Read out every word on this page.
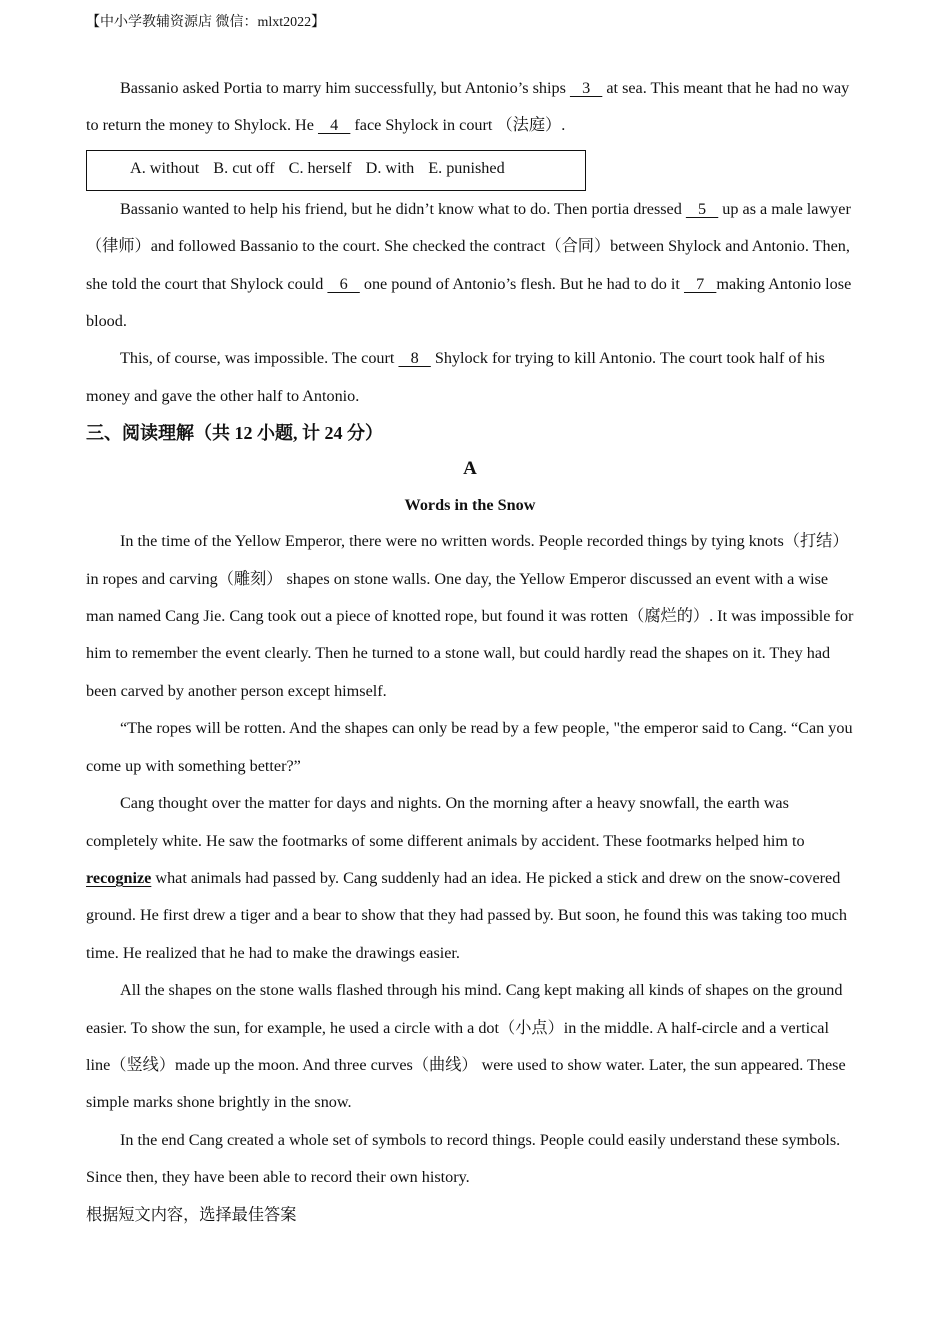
【中小学教辅资源店 微信：mlxt2022】

Bassanio asked Portia to marry him successfully, but Antonio’s ships    3    at sea. This meant that he had no way to return the money to Shylock. He    4    face Shylock in court （法庭）.

A. without B. cut off C. herself D. with E. punished

Bassanio wanted to help his friend, but he didn’t know what to do. Then portia dressed    5    up as a male lawyer （律师）and followed Bassanio to the court. She checked the contract（合同）between Shylock and Antonio. Then, she told the court that Shylock could    6    one pound of Antonio’s flesh. But he had to do it    7   making Antonio lose blood.

This, of course, was impossible. The court    8    Shylock for trying to kill Antonio. The court took half of his money and gave the other half to Antonio.

三、阅读理解（共 12 小题, 计 24 分）

A

Words in the Snow

In the time of the Yellow Emperor, there were no written words. People recorded things by tying knots（打结）in ropes and carving（雕刻） shapes on stone walls. One day, the Yellow Emperor discussed an event with a wise man named Cang Jie. Cang took out a piece of knotted rope, but found it was rotten（腐烂的）. It was impossible for him to remember the event clearly. Then he turned to a stone wall, but could hardly read the shapes on it. They had been carved by another person except himself.

“The ropes will be rotten. And the shapes can only be read by a few people, "the emperor said to Cang. “Can you come up with something better?”

Cang thought over the matter for days and nights. On the morning after a heavy snowfall, the earth was completely white. He saw the footmarks of some different animals by accident. These footmarks helped him to recognize what animals had passed by. Cang suddenly had an idea. He picked a stick and drew on the snow-covered ground. He first drew a tiger and a bear to show that they had passed by. But soon, he found this was taking too much time. He realized that he had to make the drawings easier.

All the shapes on the stone walls flashed through his mind. Cang kept making all kinds of shapes on the ground easier. To show the sun, for example, he used a circle with a dot（小点）in the middle. A half-circle and a vertical line（竖线）made up the moon. And three curves（曲线） were used to show water. Later, the sun appeared. These simple marks shone brightly in the snow.

In the end Cang created a whole set of symbols to record things. People could easily understand these symbols. Since then, they have been able to record their own history.

根据短文内容，选择最佳答案
